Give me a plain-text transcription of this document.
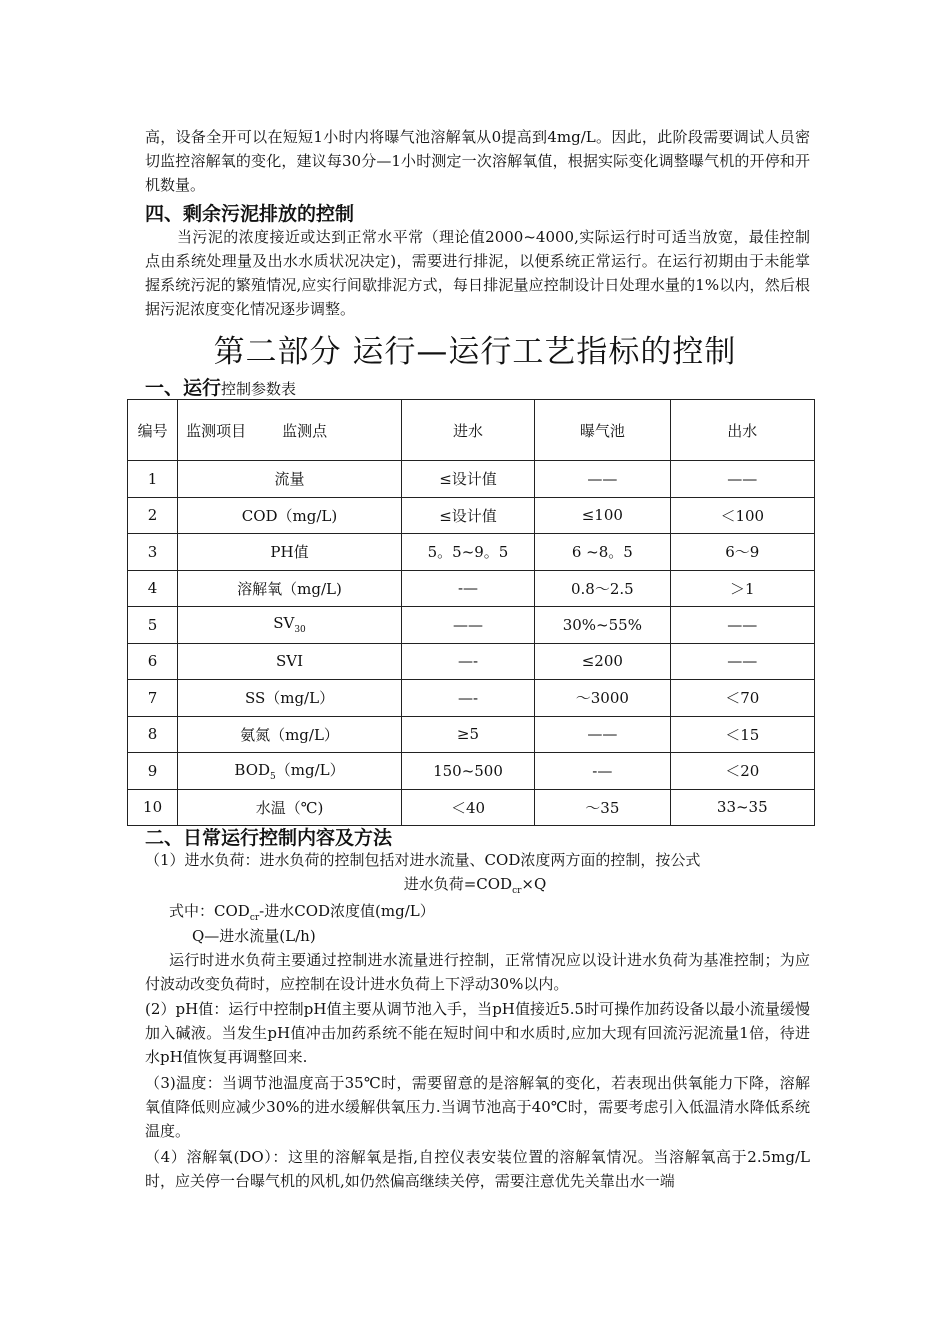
高，设备全开可以在短短1小时内将曝气池溶解氧从0提高到4mg/L。因此，此阶段需要调试人员密切监控溶解氧的变化，建议每30分—1小时测定一次溶解氧值，根据实际变化调整曝气机的开停和开机数量。

四、剩余污泥排放的控制

当污泥的浓度接近或达到正常水平常（理论值2000~4000,实际运行时可适当放宽，最佳控制点由系统处理量及出水水质状况决定)，需要进行排泥，以便系统正常运行。在运行初期由于未能掌握系统污泥的繁殖情况,应实行间歇排泥方式，每日排泥量应控制设计日处理水量的1%以内，然后根据污泥浓度变化情况逐步调整。

第二部分 运行—运行工艺指标的控制
一、运行控制参数表
编号	监测项目 监测点	进水	曝气池	出水
1	流量	≤设计值	——	——
2	COD（mg/L)	≤设计值	≤100	＜100
3	PH值	5。5~9。5	6 ~8。5	6～9
4	溶解氧（mg/L)	-—	0.8～2.5	＞1
5	$SV_{30}$	——	30%~55%	——
6	SVI	—-	≤200	——
7	SS（mg/L）	—-	～3000	＜70
8	氨氮（mg/L）	≥5	——	＜15
9	$BOD_5(mg/L)$	150~500	-—	＜20
10	水温（℃)	＜40	～35	33~35
二、日常运行控制内容及方法

（1）进水负荷：进水负荷的控制包括对进水流量、COD浓度两方面的控制，按公式

进水负荷$=COD_{cr}\times Q$
式中：$COD_{cr}-$进水COD浓度值(mg/L）
Q—进水流量(L/h)

运行时进水负荷主要通过控制进水流量进行控制，正常情况应以设计进水负荷为基准控制；为应付波动改变负荷时，应控制在设计进水负荷上下浮动30%以内。

(2）pH值：运行中控制pH值主要从调节池入手，当pH值接近5.5时可操作加药设备以最小流量缓慢加入碱液。当发生pH值冲击加药系统不能在短时间中和水质时,应加大现有回流污泥流量1倍，待进水pH值恢复再调整回来.

（3)温度：当调节池温度高于35℃时，需要留意的是溶解氧的变化，若表现出供氧能力下降，溶解氧值降低则应减少30%的进水缓解供氧压力.当调节池高于40℃时，需要考虑引入低温清水降低系统温度。

（4）溶解氧(DO）：这里的溶解氧是指,自控仪表安装位置的溶解氧情况。当溶解氧高于2.5mg/L时，应关停一台曝气机的风机,如仍然偏高继续关停，需要注意优先关靠出水一端
